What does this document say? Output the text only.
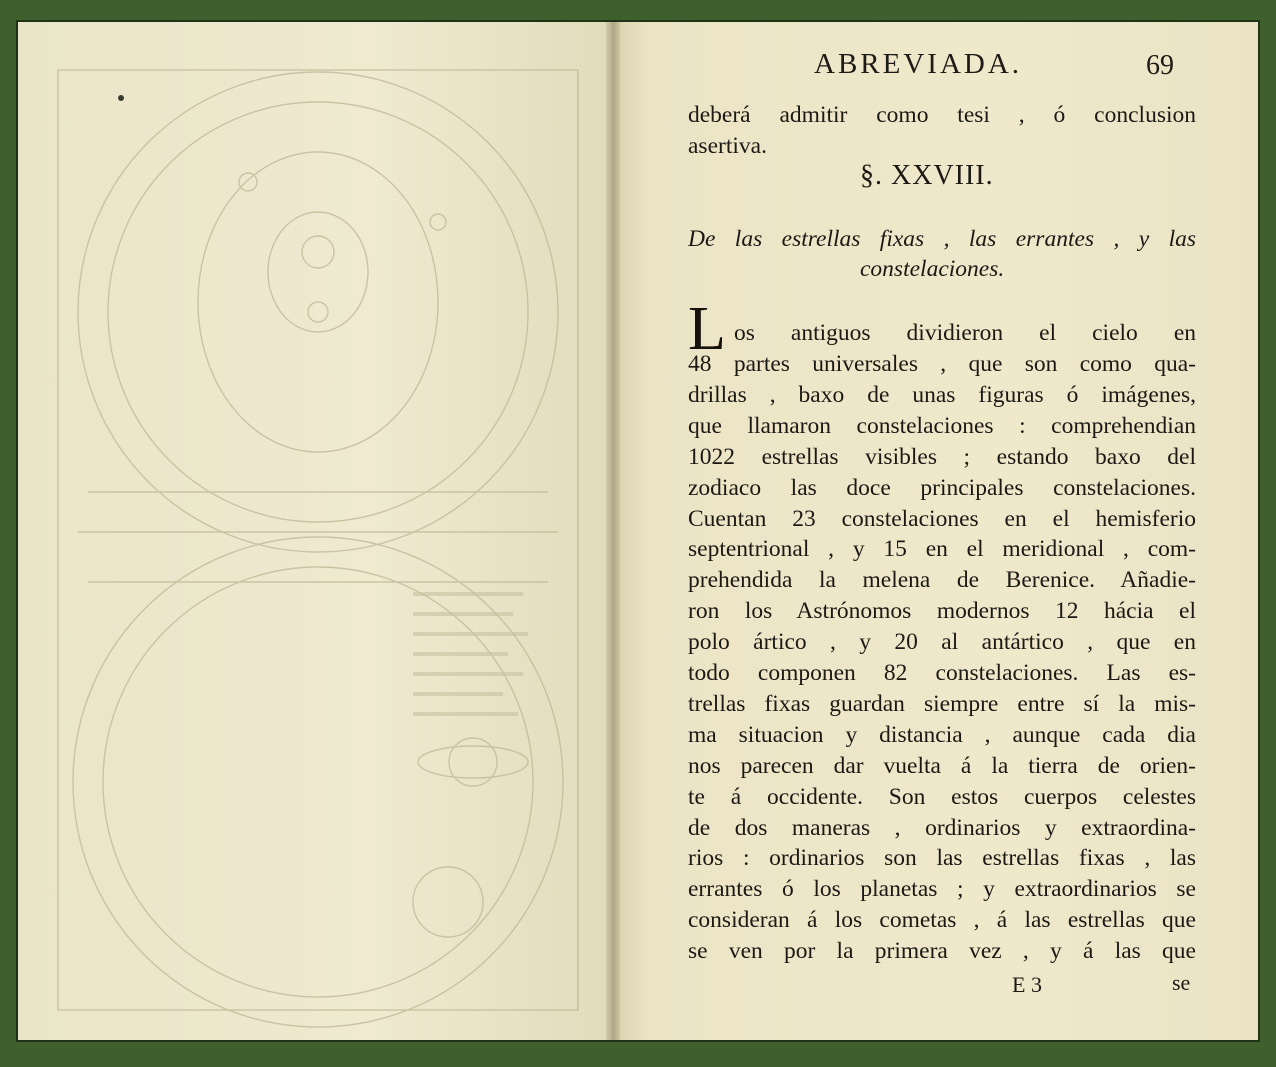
ABREVIADA.	69
deberá admitir como tesi , ó conclusion
asertiva.
§. XXVIII.
De las estrellas fixas , las errantes , y las
constelaciones.
L os antiguos dividieron el cielo en
48 partes universales , que son como qua-
drillas , baxo de unas figuras ó imágenes,
que llamaron constelaciones : comprehendian
1022 estrellas visibles ; estando baxo del
zodiaco las doce principales constelaciones.
Cuentan 23 constelaciones en el hemisferio
septentrional , y 15 en el meridional , com-
prehendida la melena de Berenice. Añadie-
ron los Astrónomos modernos 12 hácia el
polo ártico , y 20 al antártico , que en
todo componen 82 constelaciones. Las es-
trellas fixas guardan siempre entre sí la mis-
ma situacion y distancia , aunque cada dia
nos parecen dar vuelta á la tierra de orien-
te á occidente. Son estos cuerpos celestes
de dos maneras , ordinarios y extraordina-
rios : ordinarios son las estrellas fixas , las
errantes ó los planetas ; y extraordinarios se
consideran á los cometas , á las estrellas que
se ven por la primera vez , y á las que
E 3	se
